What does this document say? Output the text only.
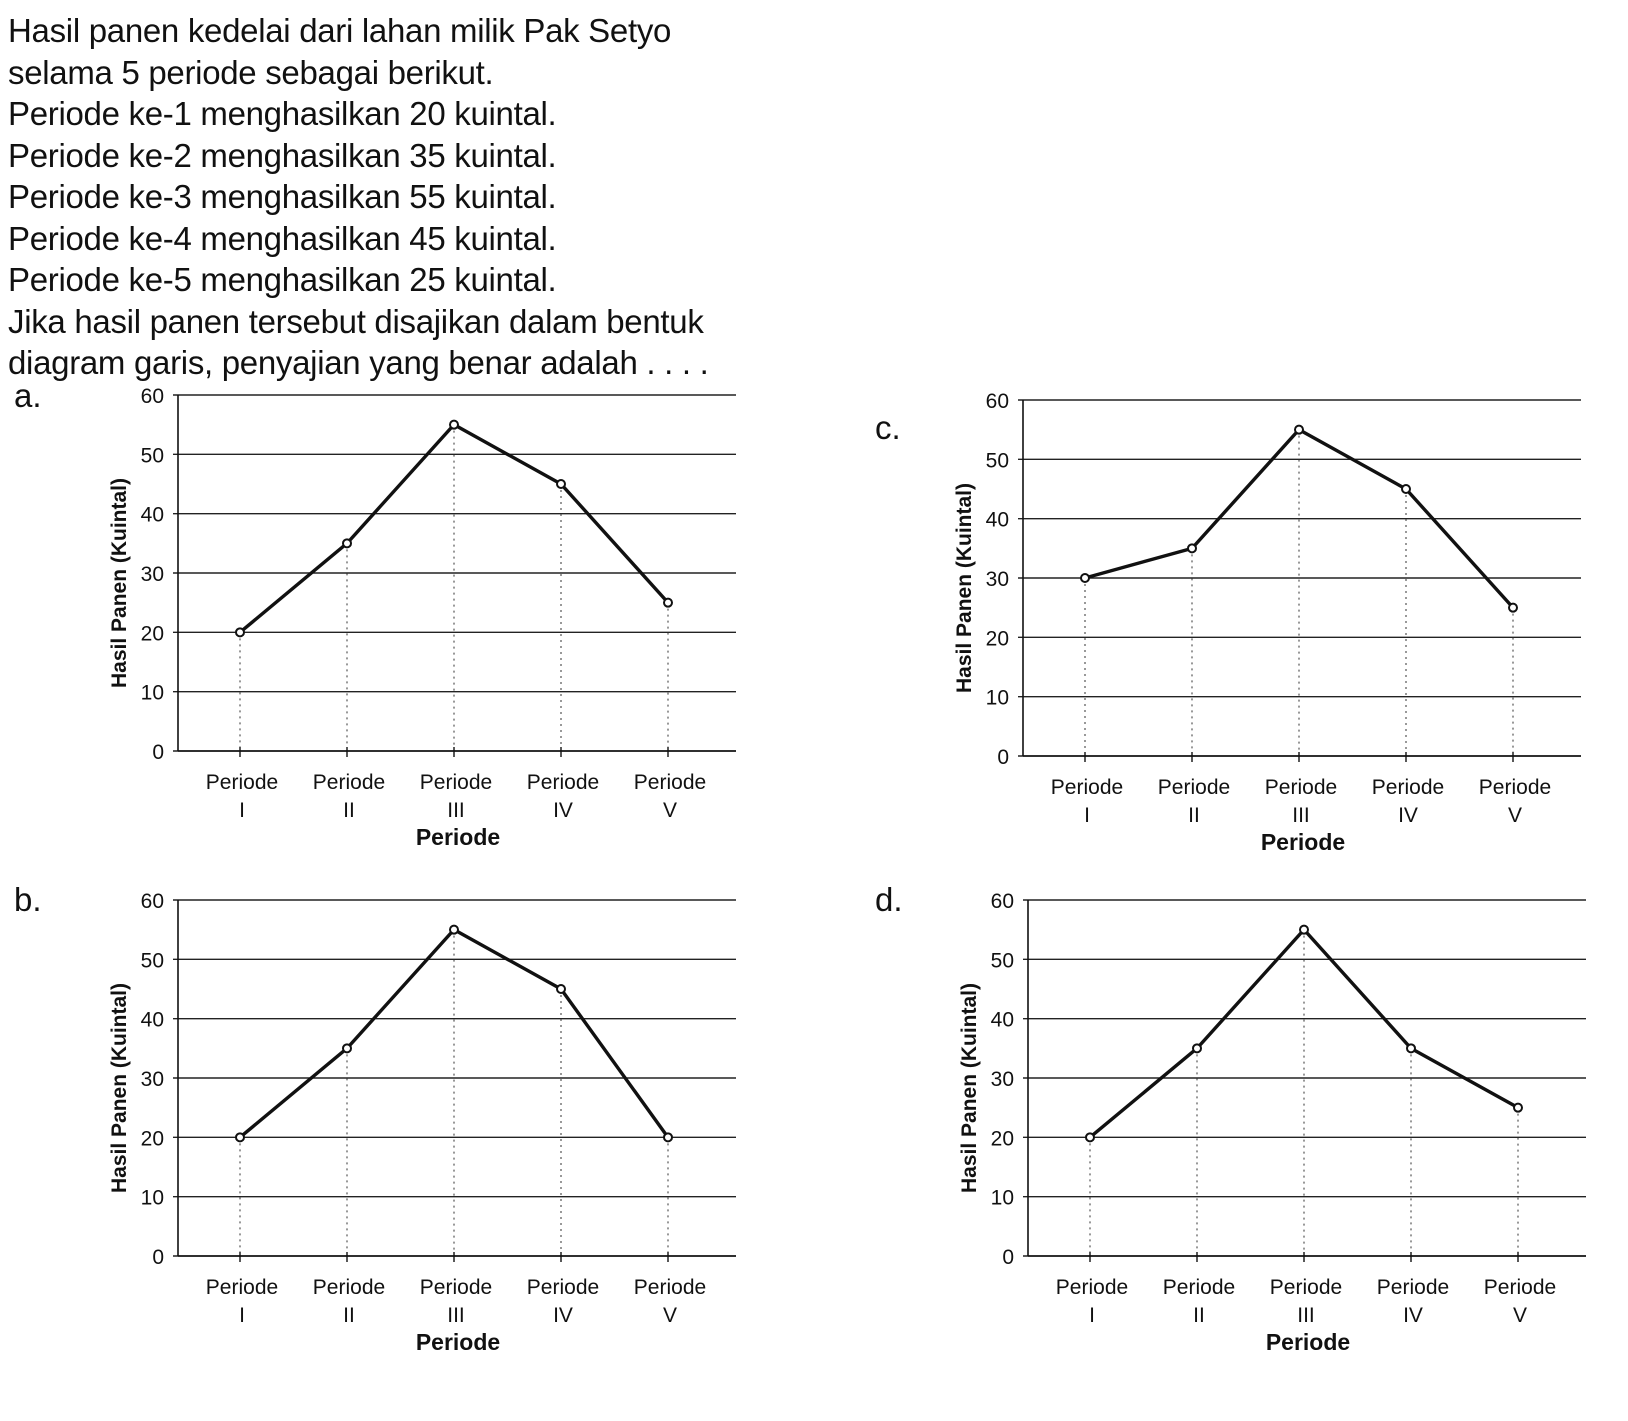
Hasil panen kedelai dari lahan milik Pak Setyo
selama 5 periode sebagai berikut.
Periode ke-1 menghasilkan 20 kuintal.
Periode ke-2 menghasilkan 35 kuintal.
Periode ke-3 menghasilkan 55 kuintal.
Periode ke-4 menghasilkan 45 kuintal.
Periode ke-5 menghasilkan 25 kuintal.
Jika hasil panen tersebut disajikan dalam bentuk
diagram garis, penyajian yang benar adalah . . . .
a.
b.
c.
d.
0
10
20
30
40
50
60
Hasil Panen (Kuintal)
Periode
I
Periode
II
Periode
III
Periode
IV
Periode
V
Periode
0
10
20
30
40
50
60
Hasil Panen (Kuintal)
Periode
I
Periode
II
Periode
III
Periode
IV
Periode
V
Periode
0
10
20
30
40
50
60
Hasil Panen (Kuintal)
Periode
I
Periode
II
Periode
III
Periode
IV
Periode
V
Periode
0
10
20
30
40
50
60
Hasil Panen (Kuintal)
Periode
I
Periode
II
Periode
III
Periode
IV
Periode
V
Periode
